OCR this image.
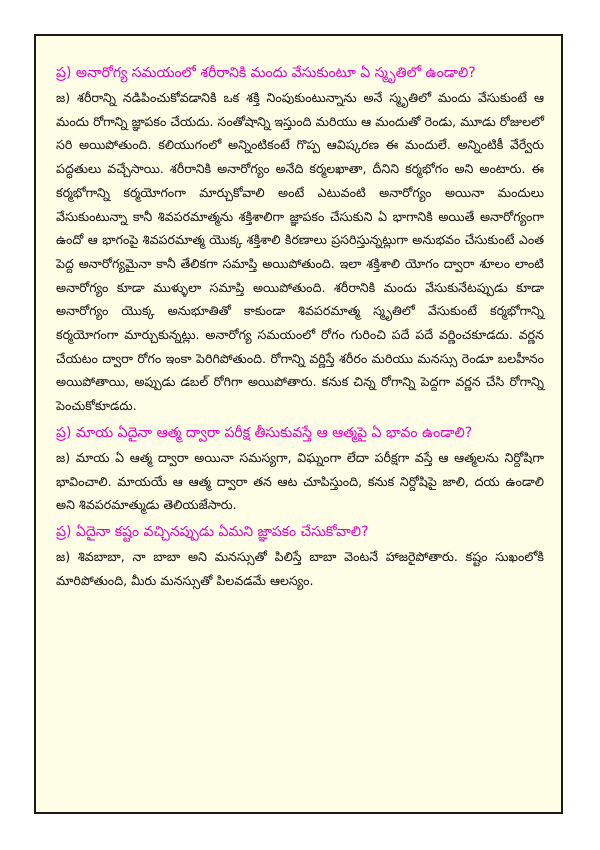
ప్ర) అనారోగ్య సమయంలో శరీరానికి మందు వేసుకుంటూ ఏ స్మృతిలో ఉండాలి?
జ) శరీరాన్ని నడిపించుకోవడానికి ఒక శక్తి నింపుకుంటున్నాను అనే స్మృతిలో మందు వేసుకుంటే ఆ మందు రోగాన్ని జ్ఞాపకం చేయదు. సంతోషాన్ని ఇస్తుంది మరియు ఆ మందుతో రెండు, మూడు రోజులలో సరి అయిపోతుంది. కలియుగంలో అన్నింటికంటే గొప్ప ఆవిష్కరణ ఈ మందులే. అన్నింటికీ వేర్వేరు పద్ధతులు వచ్చేసాయి. శరీరానికి అనారోగ్యం అనేది కర్మలఖాతా, దీనిని కర్మభోగం అని అంటారు. ఈ కర్మభోగాన్ని కర్మయోగంగా మార్చుకోవాలి అంటే ఎటువంటి అనారోగ్యం అయినా మందులు వేసుకుంటున్నా కానీ శివపరమాత్మను శక్తిశాలిగా జ్ఞాపకం చేసుకుని ఏ భాగానికి అయితే అనారోగ్యంగా ఉందో ఆ భాగంపై శివపరమాత్మ యొక్క శక్తిశాలి కిరణాలు ప్రసరిస్తున్నట్లుగా అనుభవం చేసుకుంటే ఎంత పెద్ద అనారోగ్యమైనా కానీ తేలికగా సమాప్తి అయిపోతుంది. ఇలా శక్తిశాలి యోగం ద్వారా శూలం లాంటి అనారోగ్యం కూడా ముళ్ళులా సమాప్తి అయిపోతుంది. శరీరానికి మందు వేసుకునేటప్పుడు కూడా అనారోగ్యం యొక్క అనుభూతితో కాకుండా శివపరమాత్మ స్మృతిలో వేసుకుంటే కర్మభోగాన్ని కర్మయోగంగా మార్చుకున్నట్లు. అనారోగ్య సమయంలో రోగం గురించి పదే పదే వర్ణించకూడదు. వర్ణన చేయటం ద్వారా రోగం ఇంకా పెరిగిపోతుంది. రోగాన్ని వర్ణిస్తే శరీరం మరియు మనస్సు రెండూ బలహీనం అయిపోతాయి, అప్పుడు డబల్ రోగిగా అయిపోతారు. కనుక చిన్న రోగాన్ని పెద్దగా వర్ణన చేసి రోగాన్ని పెంచుకోకూడదు.
ప్ర) మాయ ఏదైనా ఆత్మ ద్వారా పరీక్ష తీసుకువస్తే ఆ ఆత్మపై ఏ భావం ఉండాలి?
జ) మాయ ఏ ఆత్మ ద్వారా అయినా సమస్యగా, విఘ్నంగా లేదా పరీక్షగా వస్తే ఆ ఆత్మలను నిర్దోషిగా భావించాలి. మాయయే ఆ ఆత్మ ద్వారా తన ఆట చూపిస్తుంది, కనుక నిర్దోషిపై జాలి, దయ ఉండాలి అని శివపరమాత్ముడు తెలియజేసారు.
ప్ర) ఏదైనా కష్టం వచ్చినప్పుడు ఏమని జ్ఞాపకం చేసుకోవాలి?
జ) శివబాబా, నా బాబా అని మనస్సుతో పిలిస్తే బాబా వెంటనే హాజరైపోతారు. కష్టం సుఖంలోకి మారిపోతుంది, మీరు మనస్సుతో పిలవడమే ఆలస్యం.
